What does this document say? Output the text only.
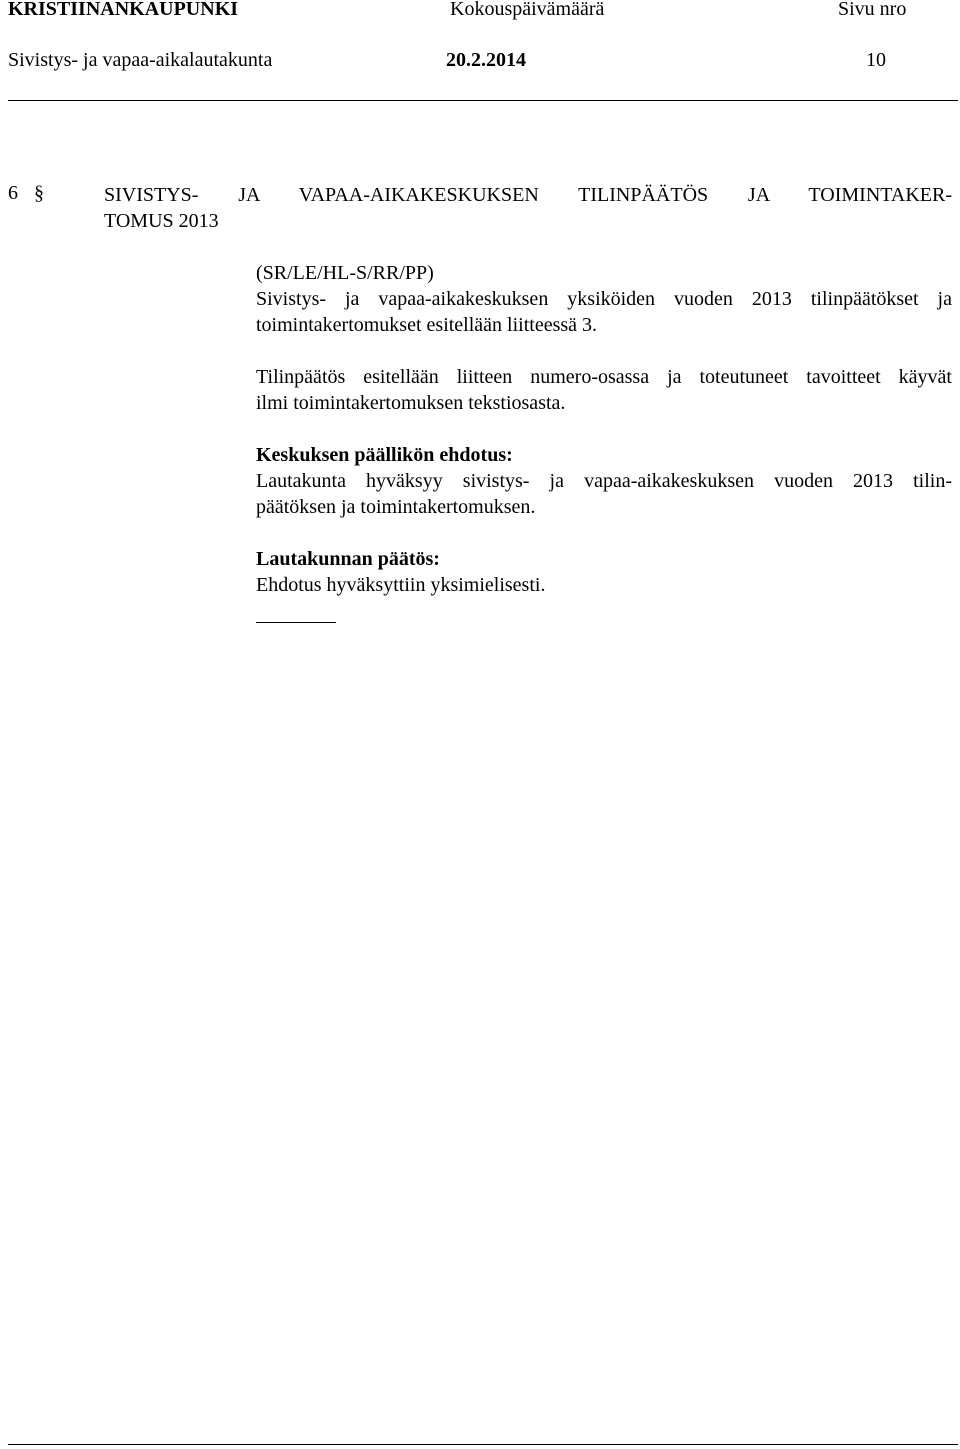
KRISTIINANKAUPUNKI	Kokouspäivämäärä	Sivu nro
Sivistys- ja vapaa-aikalautakunta	20.2.2014	10
6 §	SIVISTYS- JA VAPAA-AIKAKESKUKSEN TILINPÄÄTÖS JA TOIMINTAKER-
TOMUS 2013
(SR/LE/HL-S/RR/PP)
Sivistys- ja vapaa-aikakeskuksen yksiköiden vuoden 2013 tilinpäätökset ja
toimintakertomukset esitellään liitteessä 3.
Tilinpäätös esitellään liitteen numero-osassa ja toteutuneet tavoitteet käyvät
ilmi toimintakertomuksen tekstiosasta.
Keskuksen päällikön ehdotus:
Lautakunta hyväksyy sivistys- ja vapaa-aikakeskuksen vuoden 2013 tilin-
päätöksen ja toimintakertomuksen.
Lautakunnan päätös:
Ehdotus hyväksyttiin yksimielisesti.
